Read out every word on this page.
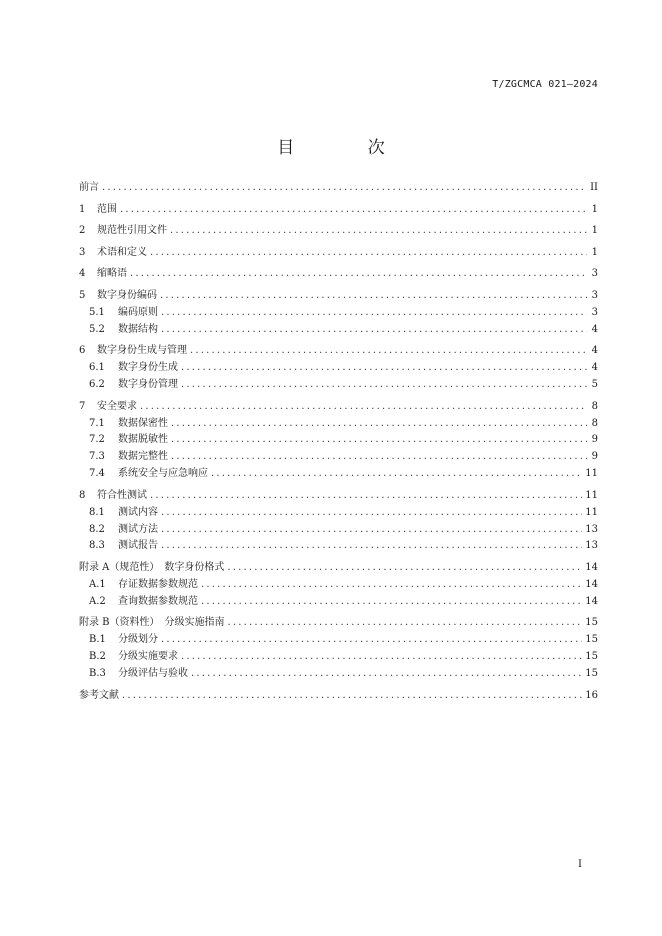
T/ZGCMCA 021—2024
目 次
前言 .....	II
1	范围 .....	1
2	规范性引用文件 .....	1
3	术语和定义 .....	1
4	缩略语 .....	3
5	数字身份编码 .....	3
5.1	编码原则 .....	3
5.2	数据结构 .....	4
6	数字身份生成与管理 .....	4
6.1	数字身份生成 .....	4
6.2	数字身份管理 .....	5
7	安全要求 .....	8
7.1	数据保密性 .....	8
7.2	数据脱敏性 .....	9
7.3	数据完整性 .....	9
7.4	系统安全与应急响应 .....	11
8	符合性测试 .....	11
8.1	测试内容 .....	11
8.2	测试方法 .....	13
8.3	测试报告 .....	13
附录 A（规范性）　数字身份格式 .....	14
A.1	存证数据参数规范 .....	14
A.2	查询数据参数规范 .....	14
附录 B（资料性）　分级实施指南 .....	15
B.1	分级划分 .....	15
B.2	分级实施要求 .....	15
B.3	分级评估与验收 .....	15
参考文献 .....	16
I
